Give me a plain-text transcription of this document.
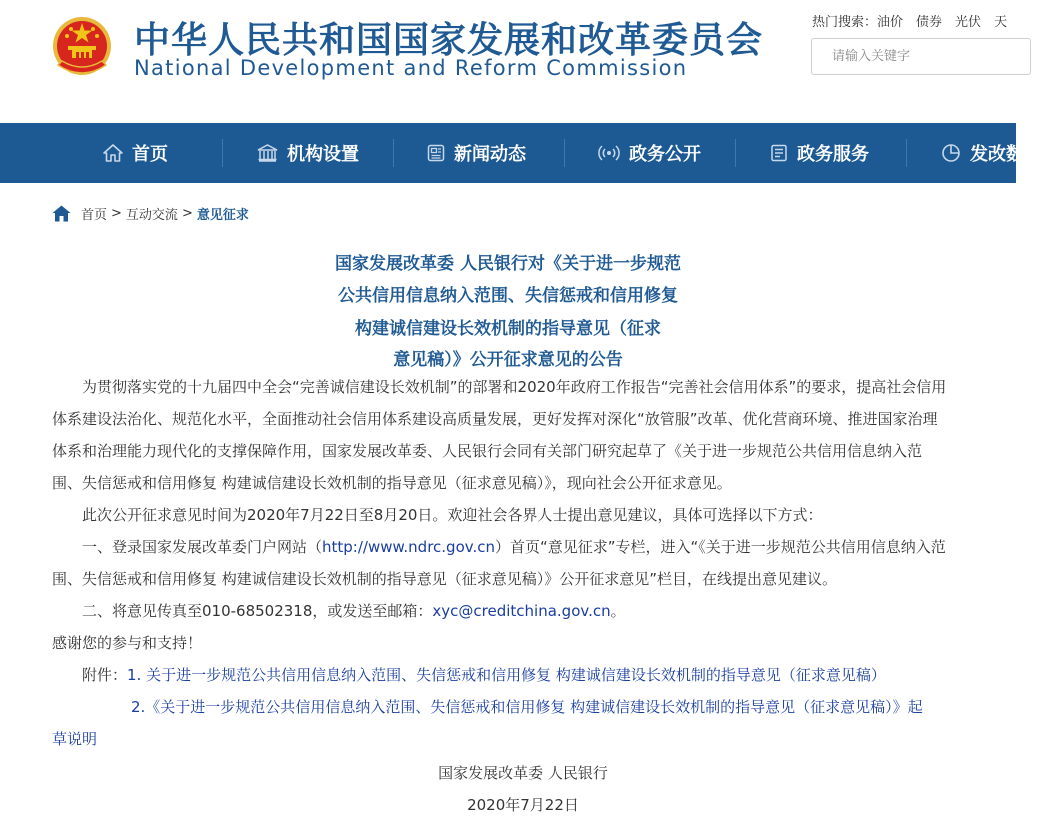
中华人民共和国国家发展和改革委员会
National Development and Reform Commission
热门搜索：油价 债券 光伏 天
请输入关键字
首页	机构设置	新闻动态	政务公开	政务服务	发改数
首页 > 互动交流 > 意见征求
国家发展改革委 人民银行对《关于进一步规范
公共信用信息纳入范围、失信惩戒和信用修复
构建诚信建设长效机制的指导意见（征求
意见稿）》公开征求意见的公告
　　为贯彻落实党的十九届四中全会“完善诚信建设长效机制”的部署和2020年政府工作报告“完善社会信用体系”的要求，提高社会信用
体系建设法治化、规范化水平，全面推动社会信用体系建设高质量发展，更好发挥对深化“放管服”改革、优化营商环境、推进国家治理
体系和治理能力现代化的支撑保障作用，国家发展改革委、人民银行会同有关部门研究起草了《关于进一步规范公共信用信息纳入范
围、失信惩戒和信用修复 构建诚信建设长效机制的指导意见（征求意见稿）》，现向社会公开征求意见。
　　此次公开征求意见时间为2020年7月22日至8月20日。欢迎社会各界人士提出意见建议，具体可选择以下方式：
　　一、登录国家发展改革委门户网站（http://www.ndrc.gov.cn）首页“意见征求”专栏，进入“《关于进一步规范公共信用信息纳入范
围、失信惩戒和信用修复 构建诚信建设长效机制的指导意见（征求意见稿）》公开征求意见”栏目，在线提出意见建议。
　　二、将意见传真至010-68502318，或发送至邮箱：xyc@creditchina.gov.cn。
感谢您的参与和支持！
　　附件：1. 关于进一步规范公共信用信息纳入范围、失信惩戒和信用修复 构建诚信建设长效机制的指导意见（征求意见稿）
2.《关于进一步规范公共信用信息纳入范围、失信惩戒和信用修复 构建诚信建设长效机制的指导意见（征求意见稿）》起
草说明
国家发展改革委 人民银行
2020年7月22日
